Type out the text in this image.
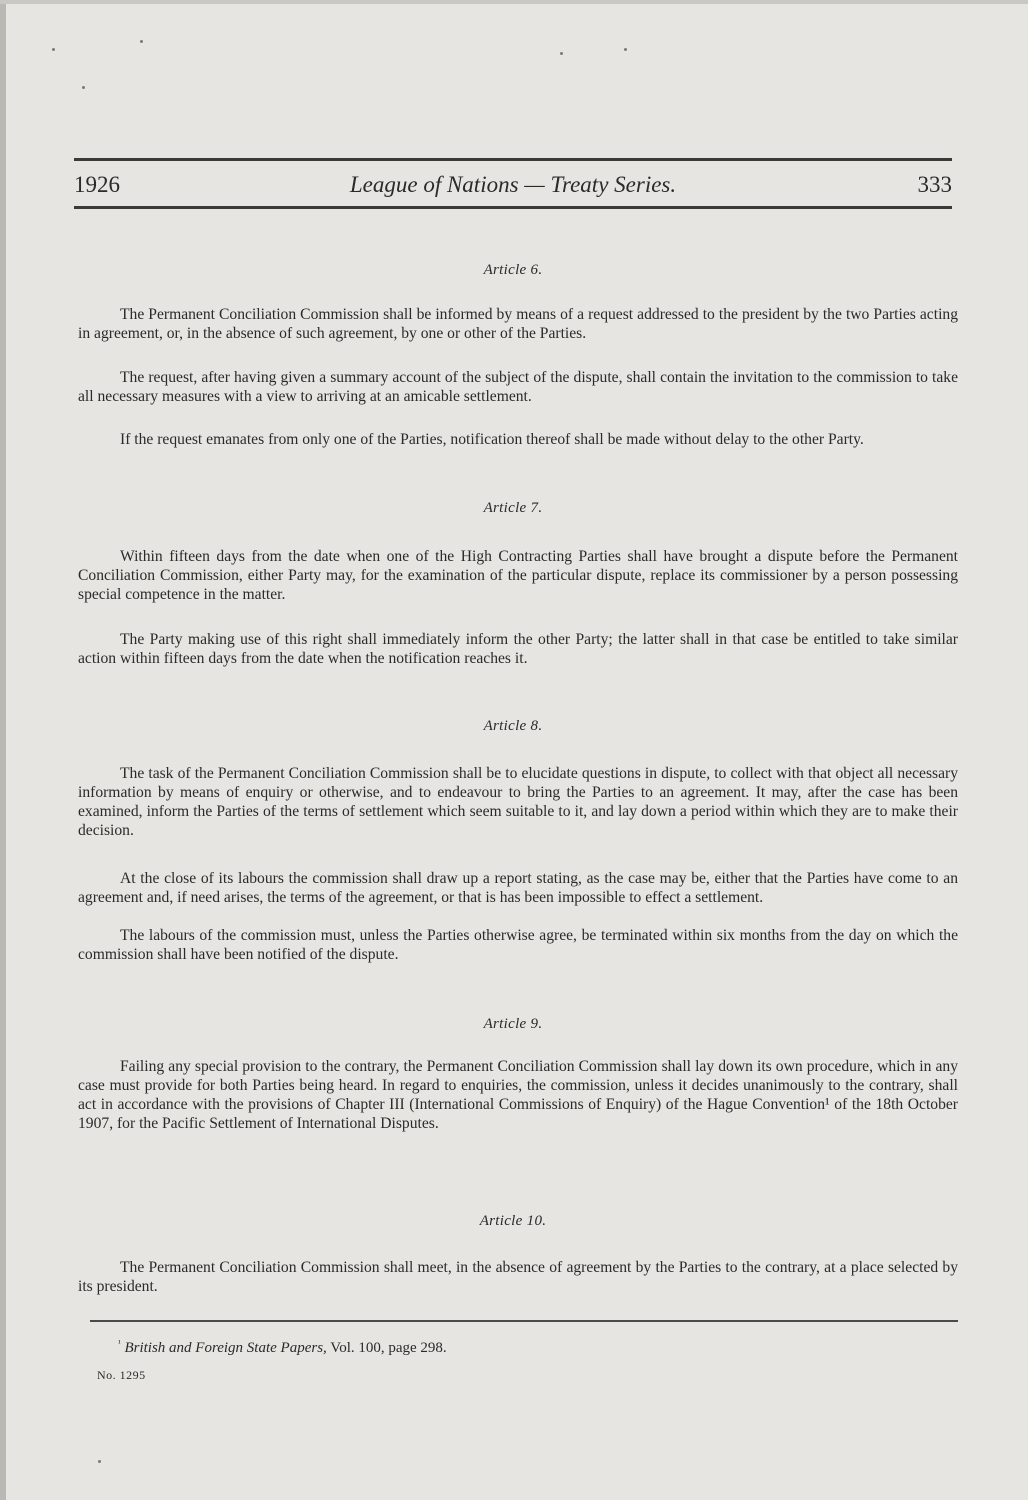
1926	League of Nations — Treaty Series.	333
Article 6.

The Permanent Conciliation Commission shall be informed by means of a request addressed to the president by the two Parties acting in agreement, or, in the absence of such agreement, by one or other of the Parties.

The request, after having given a summary account of the subject of the dispute, shall contain the invitation to the commission to take all necessary measures with a view to arriving at an amicable settlement.

If the request emanates from only one of the Parties, notification thereof shall be made without delay to the other Party.

Article 7.

Within fifteen days from the date when one of the High Contracting Parties shall have brought a dispute before the Permanent Conciliation Commission, either Party may, for the examination of the particular dispute, replace its commissioner by a person possessing special competence in the matter.

The Party making use of this right shall immediately inform the other Party; the latter shall in that case be entitled to take similar action within fifteen days from the date when the notification reaches it.

Article 8.

The task of the Permanent Conciliation Commission shall be to elucidate questions in dispute, to collect with that object all necessary information by means of enquiry or otherwise, and to endeavour to bring the Parties to an agreement. It may, after the case has been examined, inform the Parties of the terms of settlement which seem suitable to it, and lay down a period within which they are to make their decision.

At the close of its labours the commission shall draw up a report stating, as the case may be, either that the Parties have come to an agreement and, if need arises, the terms of the agreement, or that is has been impossible to effect a settlement.

The labours of the commission must, unless the Parties otherwise agree, be terminated within six months from the day on which the commission shall have been notified of the dispute.

Article 9.

Failing any special provision to the contrary, the Permanent Conciliation Commission shall lay down its own procedure, which in any case must provide for both Parties being heard. In regard to enquiries, the commission, unless it decides unanimously to the contrary, shall act in accordance with the provisions of Chapter III (International Commissions of Enquiry) of the Hague Convention¹ of the 18th October 1907, for the Pacific Settlement of International Disputes.

Article 10.

The Permanent Conciliation Commission shall meet, in the absence of agreement by the Parties to the contrary, at a place selected by its president.

$^{^1}$ British and Foreign State Papers, Vol. 100, page 298.
No. 1295
